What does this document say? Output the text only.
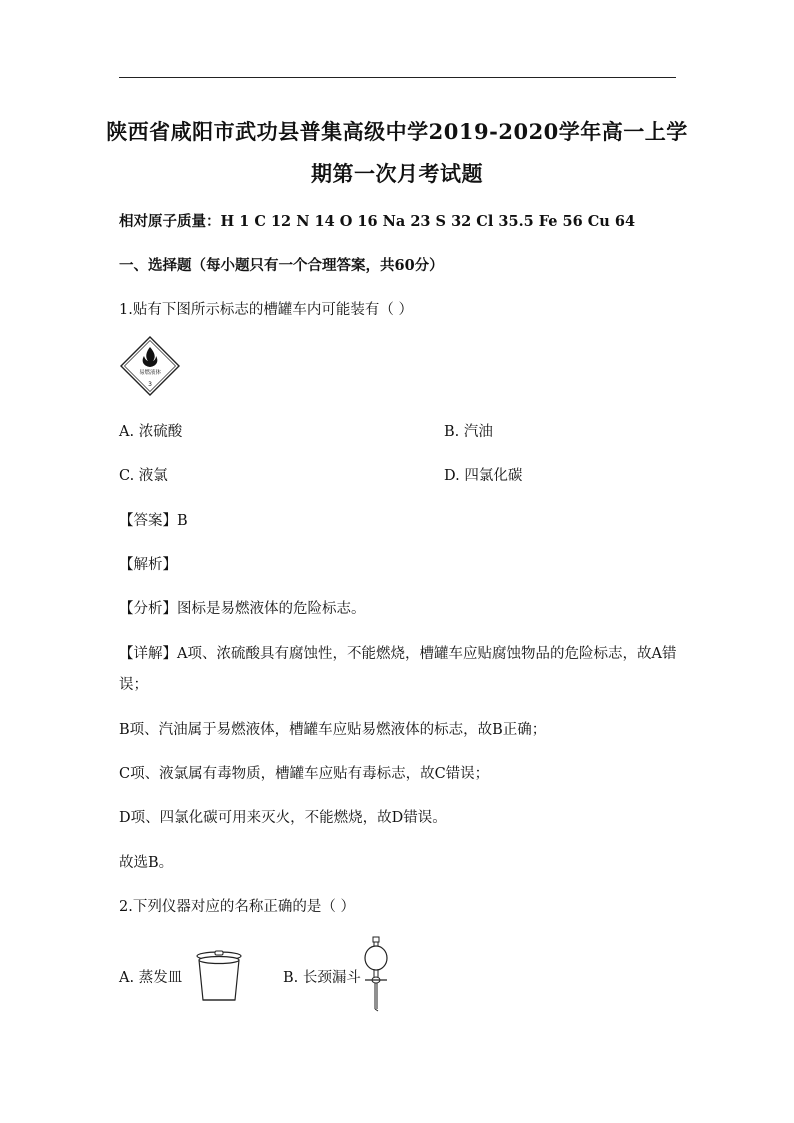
陕西省咸阳市武功县普集高级中学2019-2020学年高一上学
期第一次月考试题
相对原子质量：H 1 C 12 N 14 O 16 Na 23 S 32 Cl 35.5 Fe 56 Cu 64
一、选择题（每小题只有一个合理答案，共60分）
1.贴有下图所示标志的槽罐车内可能装有（ ）
易燃液体
3
A. 浓硫酸	B. 汽油
C. 液氯	D. 四氯化碳
【答案】B
【解析】
【分析】图标是易燃液体的危险标志。
【详解】A项、浓硫酸具有腐蚀性，不能燃烧，槽罐车应贴腐蚀物品的危险标志，故A错
误；
B项、汽油属于易燃液体，槽罐车应贴易燃液体的标志，故B正确；
C项、液氯属有毒物质，槽罐车应贴有毒标志，故C错误；
D项、四氯化碳可用来灭火，不能燃烧，故D错误。
故选B。
2.下列仪器对应的名称正确的是（ ）
A. 蒸发皿	B. 长颈漏斗
